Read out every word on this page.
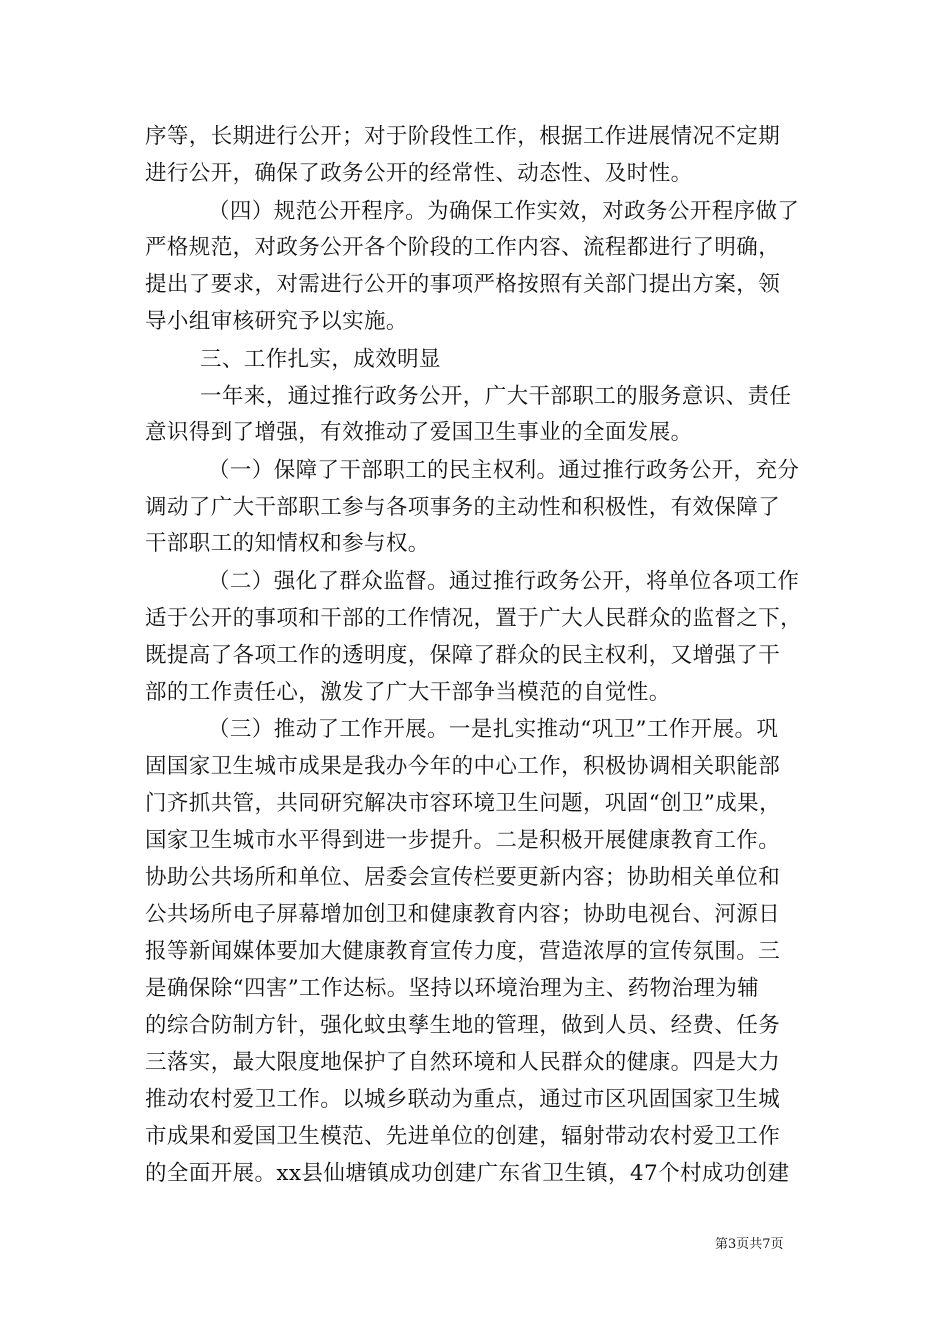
序等，长期进行公开；对于阶段性工作，根据工作进展情况不定期
进行公开，确保了政务公开的经常性、动态性、及时性。
（四）规范公开程序。为确保工作实效，对政务公开程序做了
严格规范，对政务公开各个阶段的工作内容、流程都进行了明确，
提出了要求，对需进行公开的事项严格按照有关部门提出方案，领
导小组审核研究予以实施。
三、工作扎实，成效明显
一年来，通过推行政务公开，广大干部职工的服务意识、责任
意识得到了增强，有效推动了爱国卫生事业的全面发展。
（一）保障了干部职工的民主权利。通过推行政务公开，充分
调动了广大干部职工参与各项事务的主动性和积极性，有效保障了
干部职工的知情权和参与权。
（二）强化了群众监督。通过推行政务公开，将单位各项工作
适于公开的事项和干部的工作情况，置于广大人民群众的监督之下，
既提高了各项工作的透明度，保障了群众的民主权利，又增强了干
部的工作责任心，激发了广大干部争当模范的自觉性。
（三）推动了工作开展。一是扎实推动“巩卫”工作开展。巩
固国家卫生城市成果是我办今年的中心工作，积极协调相关职能部
门齐抓共管，共同研究解决市容环境卫生问题，巩固“创卫”成果，
国家卫生城市水平得到进一步提升。二是积极开展健康教育工作。
协助公共场所和单位、居委会宣传栏要更新内容；协助相关单位和
公共场所电子屏幕增加创卫和健康教育内容；协助电视台、河源日
报等新闻媒体要加大健康教育宣传力度，营造浓厚的宣传氛围。三
是确保除“四害”工作达标。坚持以环境治理为主、药物治理为辅
的综合防制方针，强化蚊虫孳生地的管理，做到人员、经费、任务
三落实，最大限度地保护了自然环境和人民群众的健康。四是大力
推动农村爱卫工作。以城乡联动为重点，通过市区巩固国家卫生城
市成果和爱国卫生模范、先进单位的创建，辐射带动农村爱卫工作
的全面开展。xx县仙塘镇成功创建广东省卫生镇，47个村成功创建
第3页共7页
